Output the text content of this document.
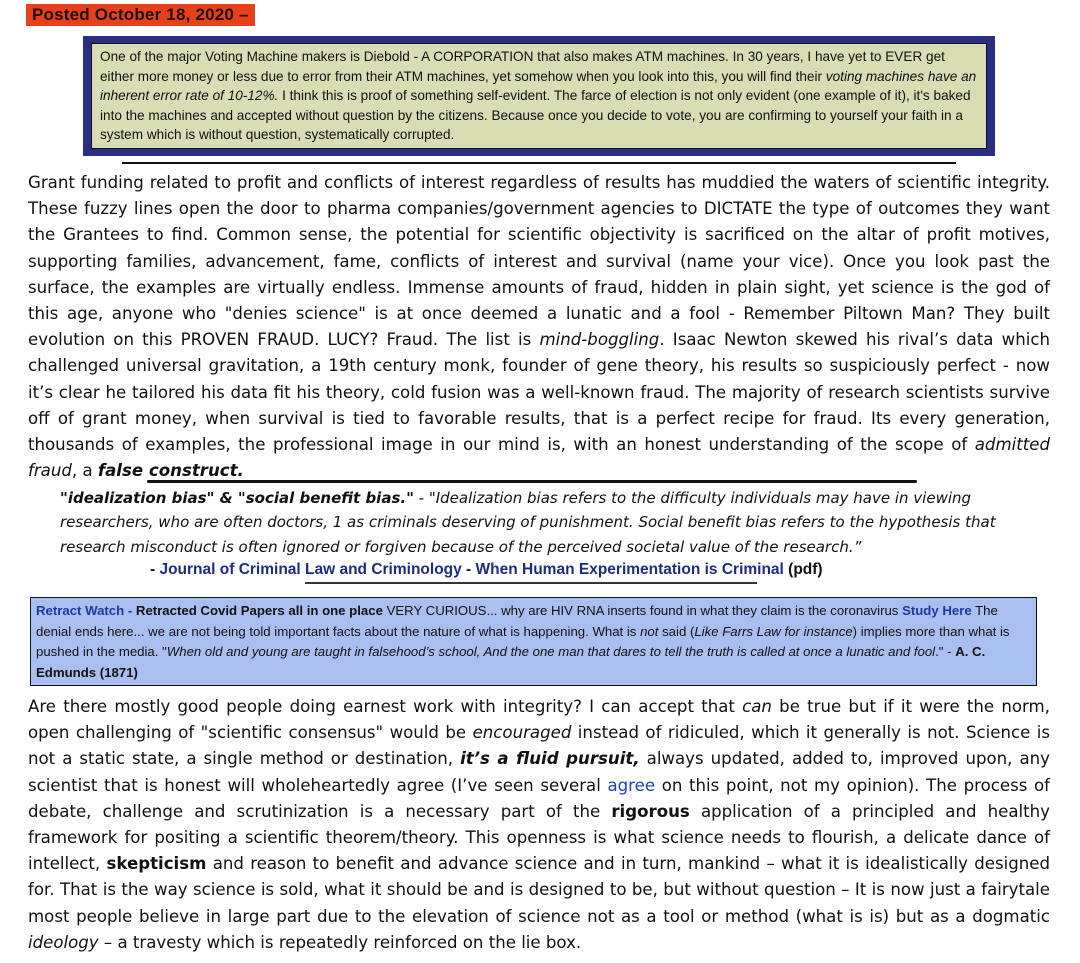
Posted October 18, 2020 –
One of the major Voting Machine makers is Diebold - A CORPORATION that also makes ATM machines. In 30 years, I have yet to EVER get either more money or less due to error from their ATM machines, yet somehow when you look into this, you will find their voting machines have an inherent error rate of 10-12%. I think this is proof of something self-evident. The farce of election is not only evident (one example of it), it's baked into the machines and accepted without question by the citizens. Because once you decide to vote, you are confirming to yourself your faith in a system which is without question, systematically corrupted.
Grant funding related to profit and conflicts of interest regardless of results has muddied the waters of scientific integrity. These fuzzy lines open the door to pharma companies/government agencies to DICTATE the type of outcomes they want the Grantees to find. Common sense, the potential for scientific objectivity is sacrificed on the altar of profit motives, supporting families, advancement, fame, conflicts of interest and survival (name your vice). Once you look past the surface, the examples are virtually endless. Immense amounts of fraud, hidden in plain sight, yet science is the god of this age, anyone who "denies science" is at once deemed a lunatic and a fool - Remember Piltown Man? They built evolution on this PROVEN FRAUD. LUCY? Fraud. The list is mind-boggling. Isaac Newton skewed his rival’s data which challenged universal gravitation, a 19th century monk, founder of gene theory, his results so suspiciously perfect - now it’s clear he tailored his data fit his theory, cold fusion was a well-known fraud. The majority of research scientists survive off of grant money, when survival is tied to favorable results, that is a perfect recipe for fraud. Its every generation, thousands of examples, the professional image in our mind is, with an honest understanding of the scope of admitted fraud, a false construct.
"idealization bias" & "social benefit bias." - "Idealization bias refers to the difficulty individuals may have in viewing researchers, who are often doctors, 1 as criminals deserving of punishment. Social benefit bias refers to the hypothesis that research misconduct is often ignored or forgiven because of the perceived societal value of the research.”
- Journal of Criminal Law and Criminology - When Human Experimentation is Criminal (pdf)
Retract Watch - Retracted Covid Papers all in one place VERY CURIOUS... why are HIV RNA inserts found in what they claim is the coronavirus Study Here The denial ends here... we are not being told important facts about the nature of what is happening. What is not said (Like Farrs Law for instance) implies more than what is pushed in the media. "When old and young are taught in falsehood’s school, And the one man that dares to tell the truth is called at once a lunatic and fool." - A. C. Edmunds (1871)
Are there mostly good people doing earnest work with integrity? I can accept that can be true but if it were the norm, open challenging of "scientific consensus" would be encouraged instead of ridiculed, which it generally is not. Science is not a static state, a single method or destination, it’s a fluid pursuit, always updated, added to, improved upon, any scientist that is honest will wholeheartedly agree (I’ve seen several agree on this point, not my opinion). The process of debate, challenge and scrutinization is a necessary part of the rigorous application of a principled and healthy framework for positing a scientific theorem/theory. This openness is what science needs to flourish, a delicate dance of intellect, skepticism and reason to benefit and advance science and in turn, mankind – what it is idealistically designed for. That is the way science is sold, what it should be and is designed to be, but without question – It is now just a fairytale most people believe in large part due to the elevation of science not as a tool or method (what is is) but as a dogmatic ideology – a travesty which is repeatedly reinforced on the lie box.
